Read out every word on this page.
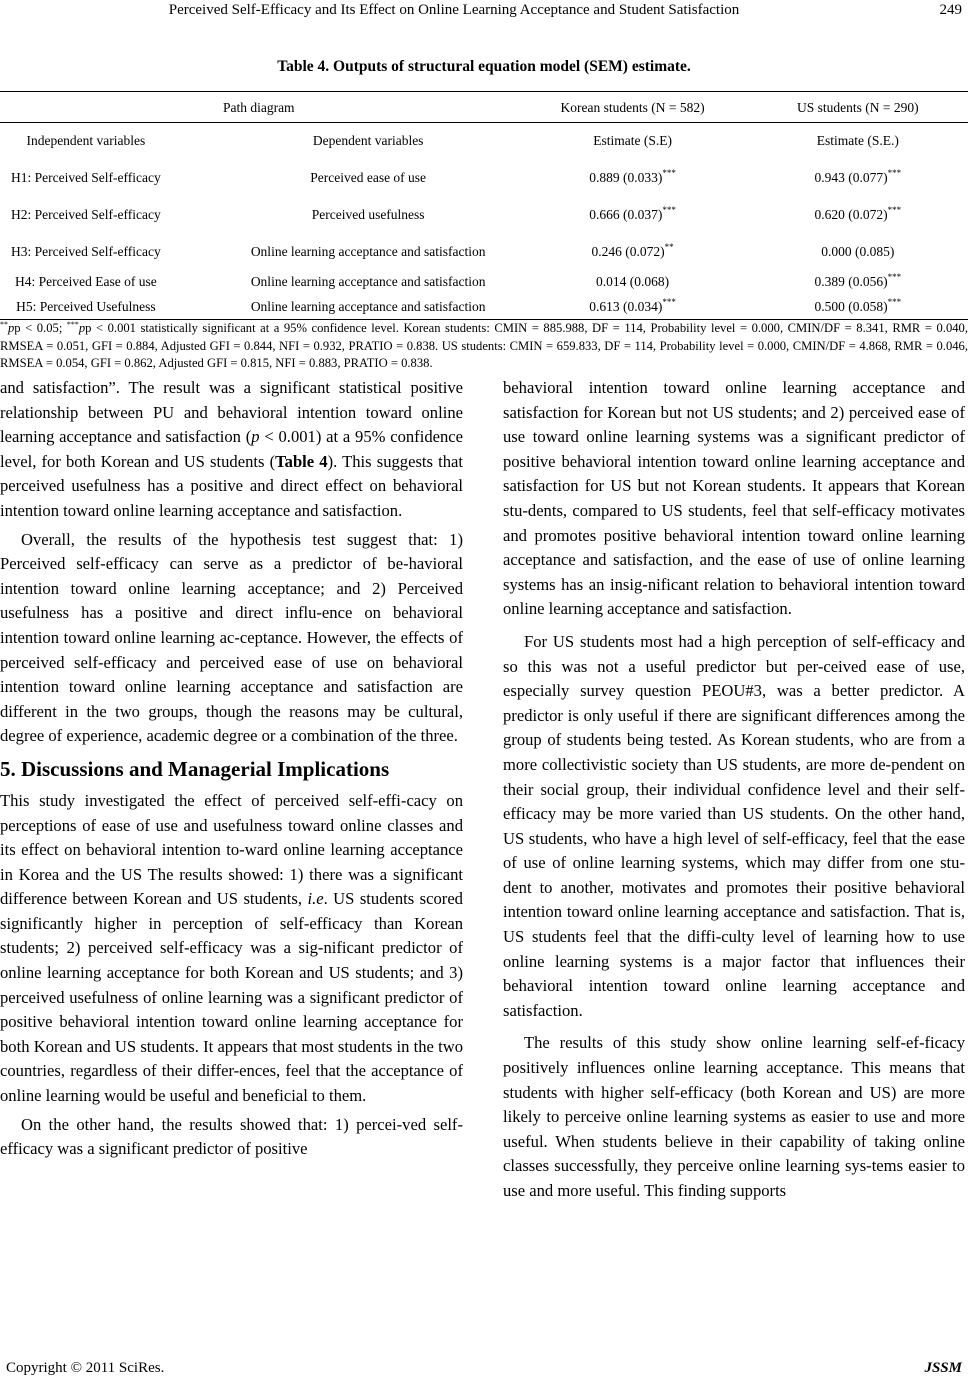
Perceived Self-Efficacy and Its Effect on Online Learning Acceptance and Student Satisfaction	249
Table 4. Outputs of structural equation model (SEM) estimate.
Path diagram			Korean students (N = 582)	US students (N = 290)
Independent variables		Dependent variables	Estimate (S.E)	Estimate (S.E.)
H1: Perceived Self-efficacy		Perceived ease of use	0.889 (0.033)***	0.943 (0.077)***
H2: Perceived Self-efficacy		Perceived usefulness	0.666 (0.037)***	0.620 (0.072)***
H3: Perceived Self-efficacy		Online learning acceptance and satisfaction	0.246 (0.072)**	0.000 (0.085)
H4: Perceived Ease of use		Online learning acceptance and satisfaction	0.014 (0.068)	0.389 (0.056)***
H5: Perceived Usefulness		Online learning acceptance and satisfaction	0.613 (0.034)***	0.500 (0.058)***
**pp < 0.05; ***pp < 0.001 statistically significant at a 95% confidence level. Korean students: CMIN = 885.988, DF = 114, Probability level = 0.000, CMIN/DF = 8.341, RMR = 0.040, RMSEA = 0.051, GFI = 0.884, Adjusted GFI = 0.844, NFI = 0.932, PRATIO = 0.838. US students: CMIN = 659.833, DF = 114, Probability level = 0.000, CMIN/DF = 4.868, RMR = 0.046, RMSEA = 0.054, GFI = 0.862, Adjusted GFI = 0.815, NFI = 0.883, PRATIO = 0.838.

and satisfaction”. The result was a significant statistical positive relationship between PU and behavioral intention toward online learning acceptance and satisfaction (p < 0.001) at a 95% confidence level, for both Korean and US students (Table 4). This suggests that perceived usefulness has a positive and direct effect on behavioral intention toward online learning acceptance and satisfaction.

Overall, the results of the hypothesis test suggest that: 1) Perceived self-efficacy can serve as a predictor of be-havioral intention toward online learning acceptance; and 2) Perceived usefulness has a positive and direct influ-ence on behavioral intention toward online learning ac-ceptance. However, the effects of perceived self-efficacy and perceived ease of use on behavioral intention toward online learning acceptance and satisfaction are different in the two groups, though the reasons may be cultural, degree of experience, academic degree or a combination of the three.

5. Discussions and Managerial Implications

This study investigated the effect of perceived self-effi-cacy on perceptions of ease of use and usefulness toward online classes and its effect on behavioral intention to-ward online learning acceptance in Korea and the US The results showed: 1) there was a significant difference between Korean and US students, i.e. US students scored significantly higher in perception of self-efficacy than Korean students; 2) perceived self-efficacy was a sig-nificant predictor of online learning acceptance for both Korean and US students; and 3) perceived usefulness of online learning was a significant predictor of positive behavioral intention toward online learning acceptance for both Korean and US students. It appears that most students in the two countries, regardless of their differ-ences, feel that the acceptance of online learning would be useful and beneficial to them.

On the other hand, the results showed that: 1) percei-ved self-efficacy was a significant predictor of positive

behavioral intention toward online learning acceptance and satisfaction for Korean but not US students; and 2) perceived ease of use toward online learning systems was a significant predictor of positive behavioral intention toward online learning acceptance and satisfaction for US but not Korean students. It appears that Korean stu-dents, compared to US students, feel that self-efficacy motivates and promotes positive behavioral intention toward online learning acceptance and satisfaction, and the ease of use of online learning systems has an insig-nificant relation to behavioral intention toward online learning acceptance and satisfaction.

For US students most had a high perception of self-efficacy and so this was not a useful predictor but per-ceived ease of use, especially survey question PEOU#3, was a better predictor. A predictor is only useful if there are significant differences among the group of students being tested. As Korean students, who are from a more collectivistic society than US students, are more de-pendent on their social group, their individual confidence level and their self-efficacy may be more varied than US students. On the other hand, US students, who have a high level of self-efficacy, feel that the ease of use of online learning systems, which may differ from one stu-dent to another, motivates and promotes their positive behavioral intention toward online learning acceptance and satisfaction. That is, US students feel that the diffi-culty level of learning how to use online learning systems is a major factor that influences their behavioral intention toward online learning acceptance and satisfaction.

The results of this study show online learning self-ef-ficacy positively influences online learning acceptance. This means that students with higher self-efficacy (both Korean and US) are more likely to perceive online learning systems as easier to use and more useful. When students believe in their capability of taking online classes successfully, they perceive online learning sys-tems easier to use and more useful. This finding supports

Copyright © 2011 SciRes.	JSSM
